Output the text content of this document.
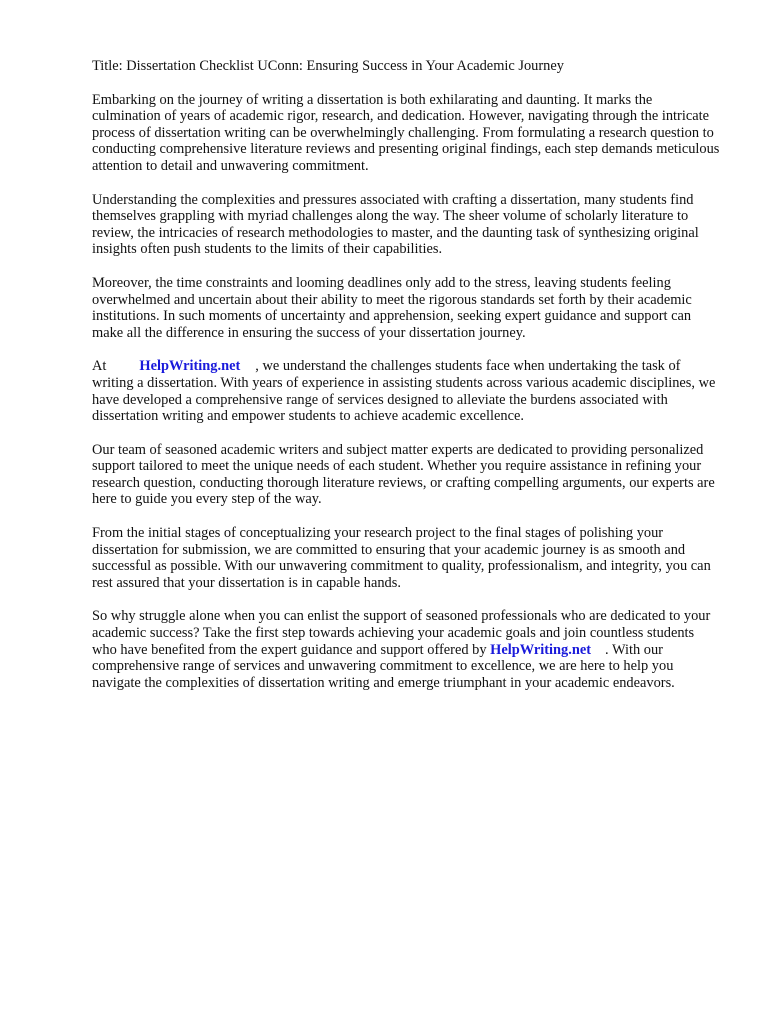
Title: Dissertation Checklist UConn: Ensuring Success in Your Academic Journey

Embarking on the journey of writing a dissertation is both exhilarating and daunting. It marks the culmination of years of academic rigor, research, and dedication. However, navigating through the intricate process of dissertation writing can be overwhelmingly challenging. From formulating a research question to conducting comprehensive literature reviews and presenting original findings, each step demands meticulous attention to detail and unwavering commitment.

Understanding the complexities and pressures associated with crafting a dissertation, many students find themselves grappling with myriad challenges along the way. The sheer volume of scholarly literature to review, the intricacies of research methodologies to master, and the daunting task of synthesizing original insights often push students to the limits of their capabilities.

Moreover, the time constraints and looming deadlines only add to the stress, leaving students feeling overwhelmed and uncertain about their ability to meet the rigorous standards set forth by their academic institutions. In such moments of uncertainty and apprehension, seeking expert guidance and support can make all the difference in ensuring the success of your dissertation journey.

At HelpWriting.net , we understand the challenges students face when undertaking the task of writing a dissertation. With years of experience in assisting students across various academic disciplines, we have developed a comprehensive range of services designed to alleviate the burdens associated with dissertation writing and empower students to achieve academic excellence.

Our team of seasoned academic writers and subject matter experts are dedicated to providing personalized support tailored to meet the unique needs of each student. Whether you require assistance in refining your research question, conducting thorough literature reviews, or crafting compelling arguments, our experts are here to guide you every step of the way.

From the initial stages of conceptualizing your research project to the final stages of polishing your dissertation for submission, we are committed to ensuring that your academic journey is as smooth and successful as possible. With our unwavering commitment to quality, professionalism, and integrity, you can rest assured that your dissertation is in capable hands.

So why struggle alone when you can enlist the support of seasoned professionals who are dedicated to your academic success? Take the first step towards achieving your academic goals and join countless students who have benefited from the expert guidance and support offered by HelpWriting.net . With our comprehensive range of services and unwavering commitment to excellence, we are here to help you navigate the complexities of dissertation writing and emerge triumphant in your academic endeavors.
